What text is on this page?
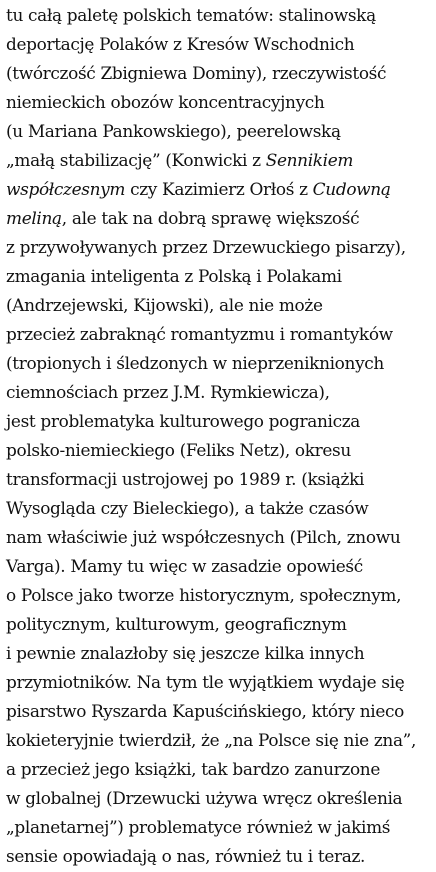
tu całą paletę polskich tematów: stalinowską
deportację Polaków z Kresów Wschodnich
(twórczość Zbigniewa Dominy), rzeczywistość
niemieckich obozów koncentracyjnych
(u Mariana Pankowskiego), peerelowską
„małą stabilizację” (Konwicki z Sennikiem
współczesnym czy Kazimierz Orłoś z Cudowną
meliną, ale tak na dobrą sprawę większość
z przywoływanych przez Drzewuckiego pisarzy),
zmagania inteligenta z Polską i Polakami
(Andrzejewski, Kijowski), ale nie może
przecież zabraknąć romantyzmu i romantyków
(tropionych i śledzonych w nieprzeniknionych
ciemnościach przez J.M. Rymkiewicza),
jest problematyka kulturowego pogranicza
polsko-niemieckiego (Feliks Netz), okresu
transformacji ustrojowej po 1989 r. (książki
Wysoglądа czy Bieleckiego), a także czasów
nam właściwie już współczesnych (Pilch, znowu
Varga). Mamy tu więc w zasadzie opowieść
o Polsce jako tworze historycznym, społecznym,
politycznym, kulturowym, geograficznym
i pewnie znalazłoby się jeszcze kilka innych
przymiotników. Na tym tle wyjątkiem wydaje się
pisarstwo Ryszarda Kapuścińskiego, który nieco
kokieteryjnie twierdził, że „na Polsce się nie zna”,
a przecież jego książki, tak bardzo zanurzone
w globalnej (Drzewucki używa wręcz określenia
„planetarnej”) problematyce również w jakimś
sensie opowiadają o nas, również tu i teraz.
